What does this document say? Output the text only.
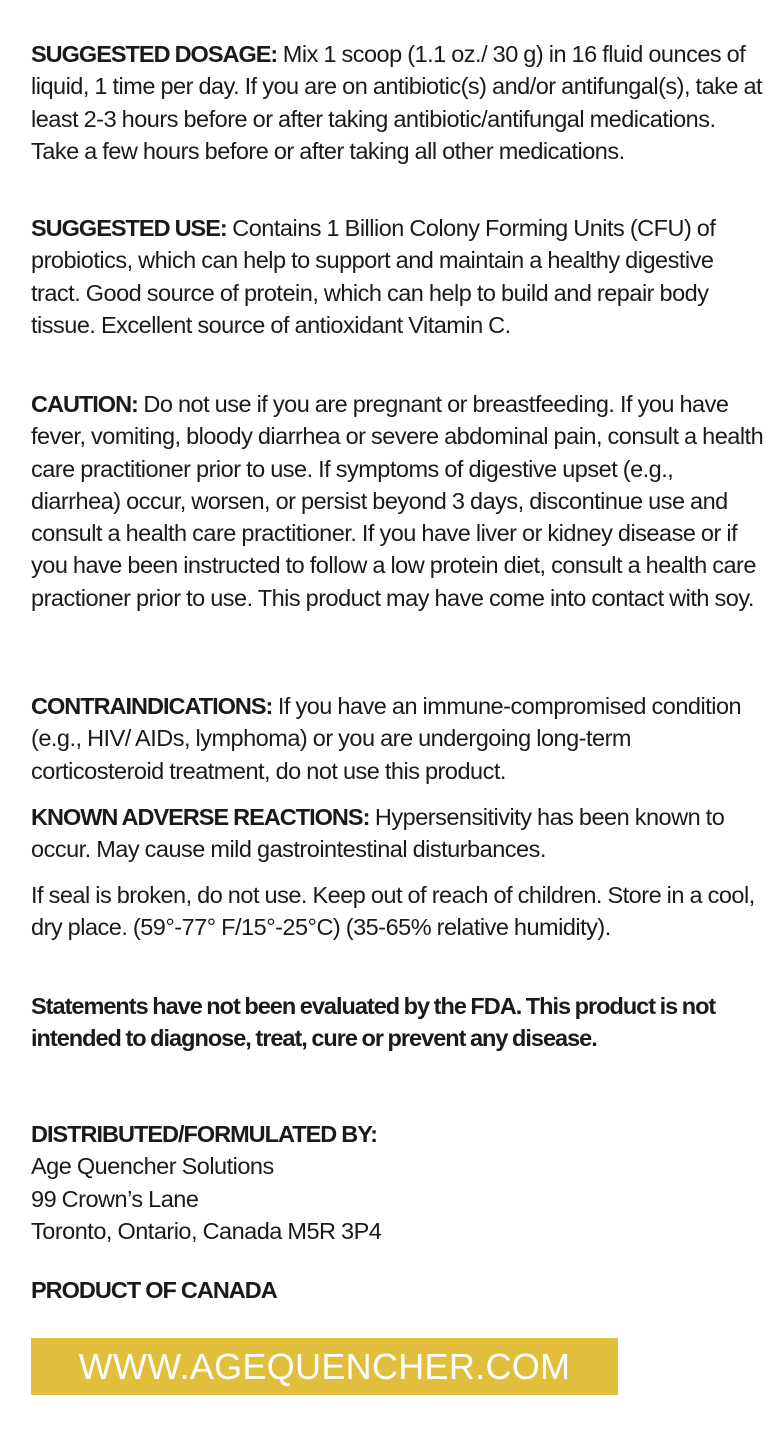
SUGGESTED DOSAGE: Mix 1 scoop (1.1 oz./ 30 g) in 16 fluid ounces of liquid, 1 time per day. If you are on antibiotic(s) and/or antifungal(s), take at least 2-3 hours before or after taking antibiotic/antifungal medications. Take a few hours before or after taking all other medications.

SUGGESTED USE: Contains 1 Billion Colony Forming Units (CFU) of probiotics, which can help to support and maintain a healthy digestive tract. Good source of protein, which can help to build and repair body tissue. Excellent source of antioxidant Vitamin C.

CAUTION: Do not use if you are pregnant or breastfeeding. If you have fever, vomiting, bloody diarrhea or severe abdominal pain, consult a health care practitioner prior to use. If symptoms of digestive upset (e.g., diarrhea) occur, worsen, or persist beyond 3 days, discontinue use and consult a health care practitioner. If you have liver or kidney disease or if you have been instructed to follow a low protein diet, consult a health care practioner prior to use. This product may have come into contact with soy.

CONTRAINDICATIONS: If you have an immune-compromised condition (e.g., HIV/ AIDs, lymphoma) or you are undergoing long-term corticosteroid treatment, do not use this product.

KNOWN ADVERSE REACTIONS: Hypersensitivity has been known to occur. May cause mild gastrointestinal disturbances.

If seal is broken, do not use. Keep out of reach of children. Store in a cool, dry place. (59°-77° F/15°-25°C) (35-65% relative humidity).

Statements have not been evaluated by the FDA. This product is not intended to diagnose, treat, cure or prevent any disease.

DISTRIBUTED/FORMULATED BY:

Age Quencher Solutions

99 Crown’s Lane

Toronto, Ontario, Canada M5R 3P4

PRODUCT OF CANADA

WWW.AGEQUENCHER.COM
